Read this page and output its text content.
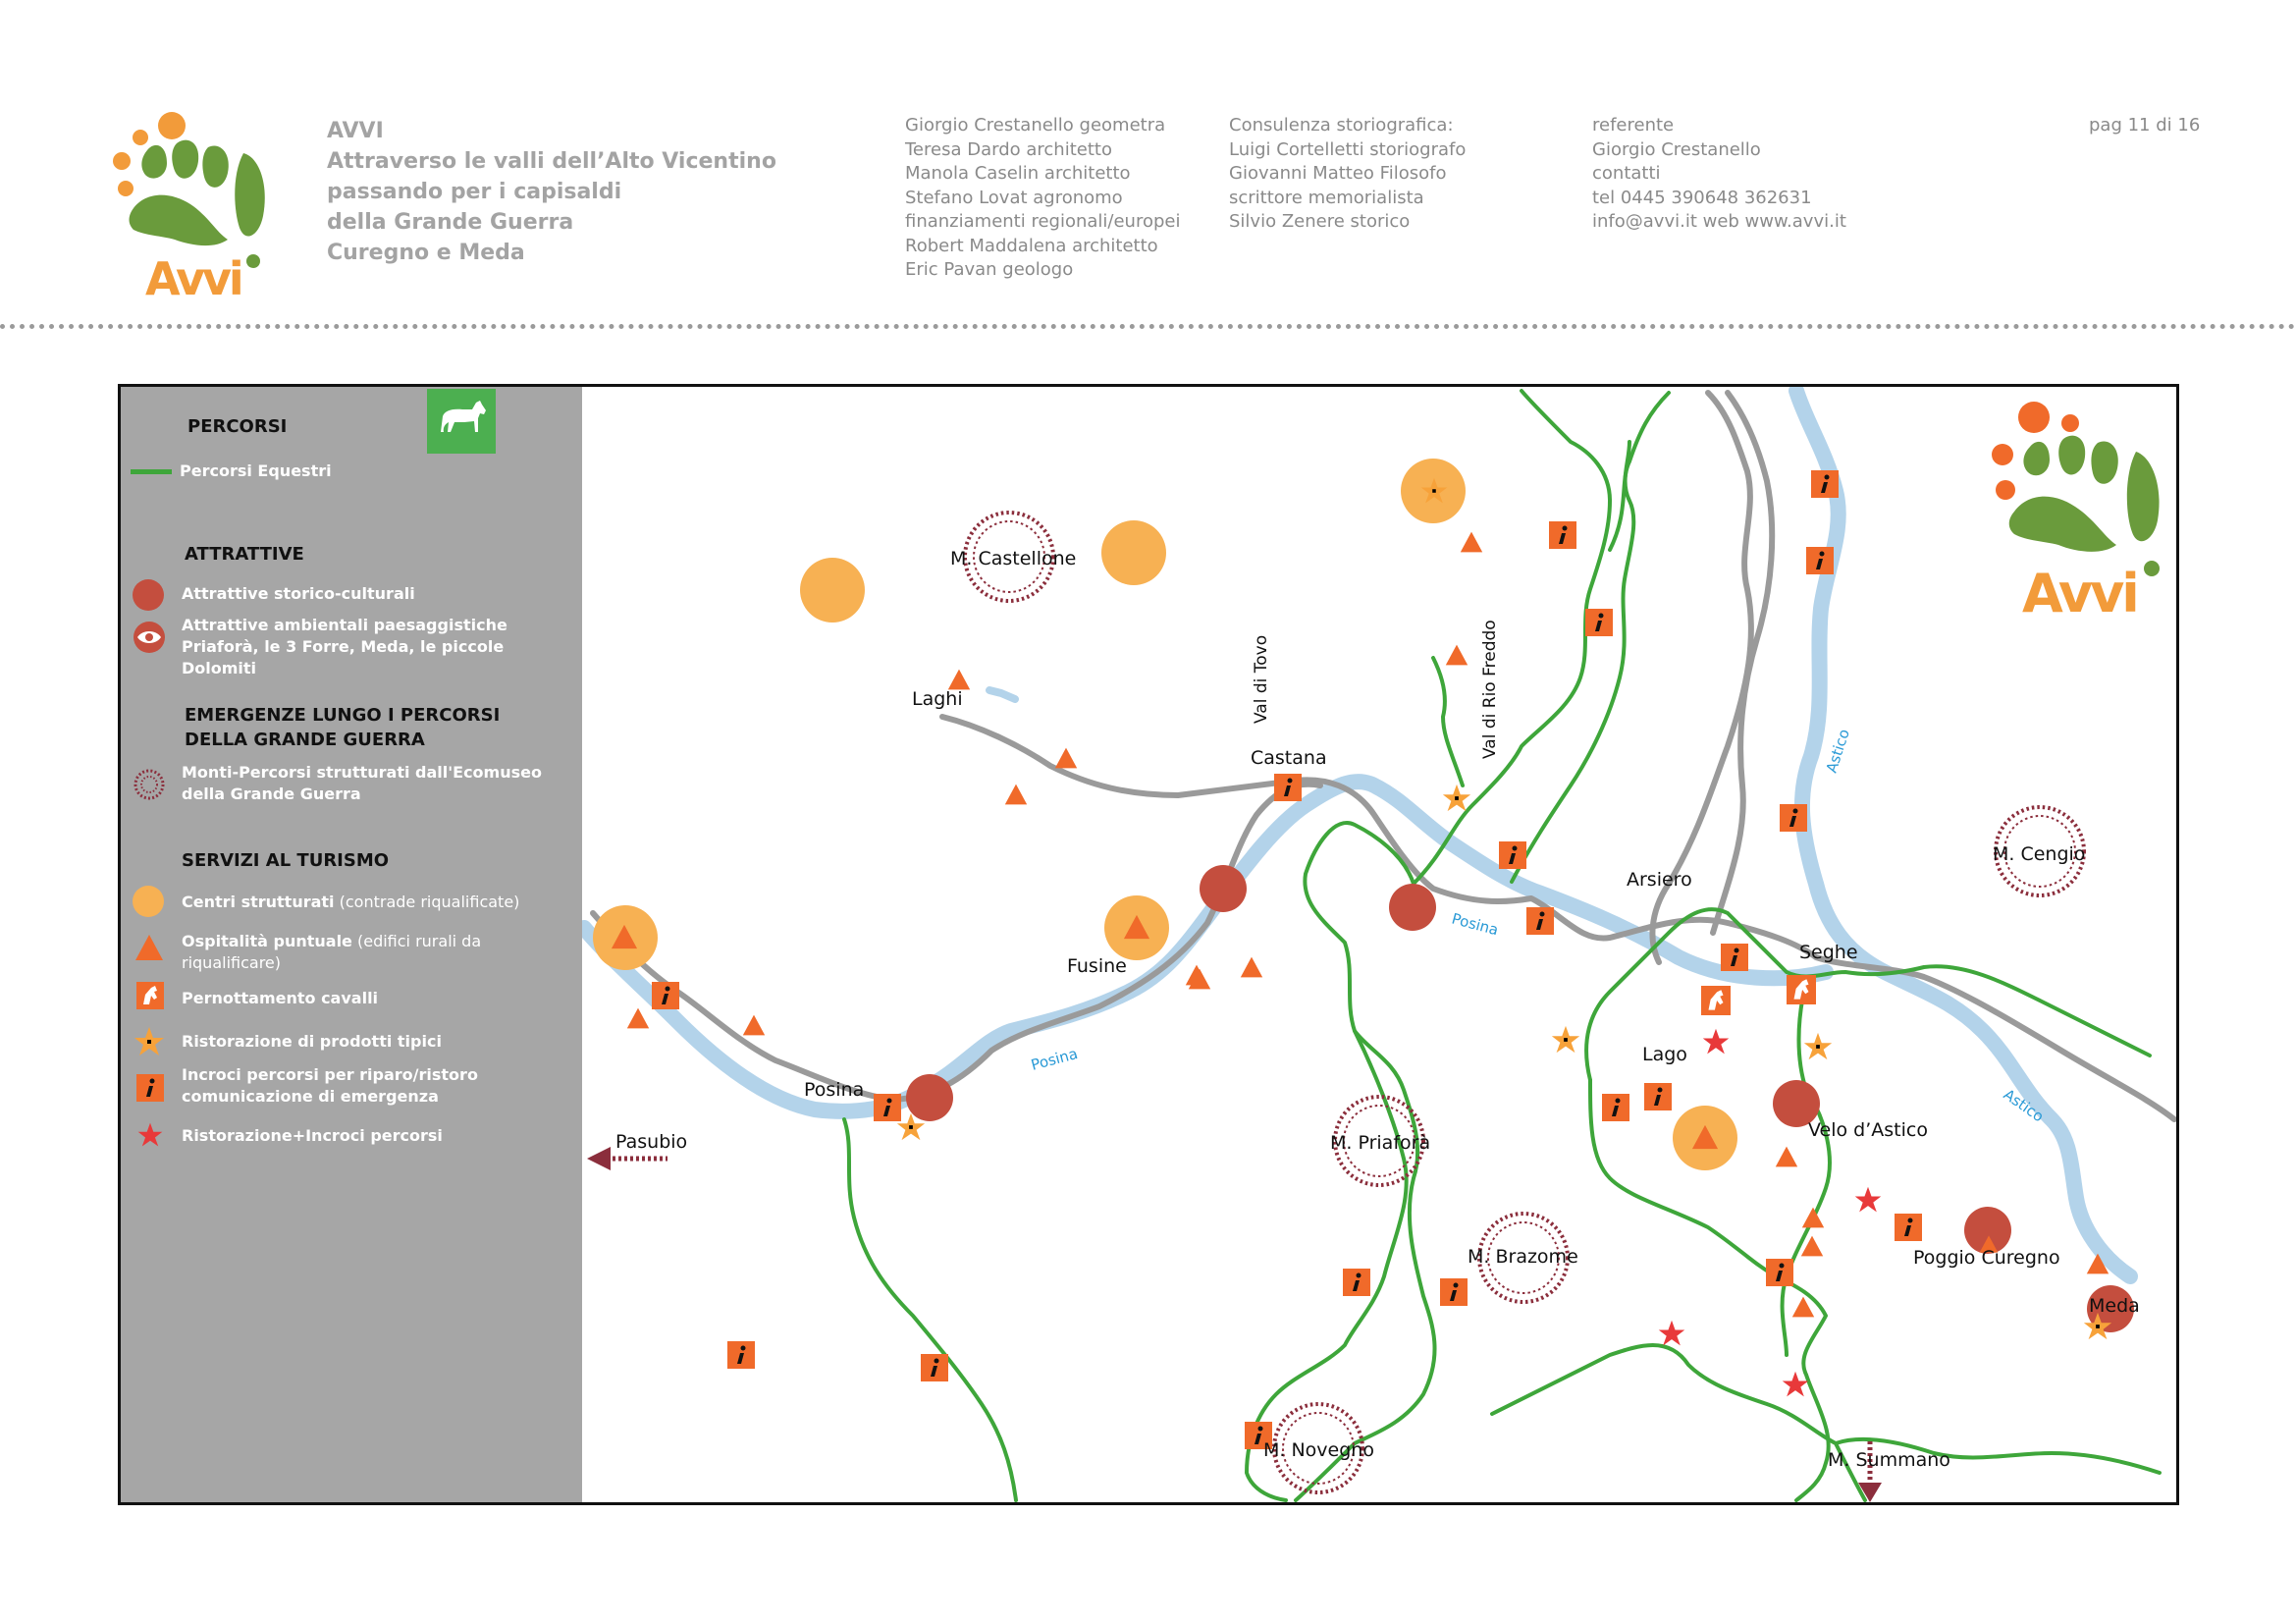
Avvi
AVVI
Attraverso le valli dell’Alto Vicentino
passando per i capisaldi
della Grande Guerra
Curegno e Meda
Giorgio Crestanello geometra
Teresa Dardo architetto
Manola Caselin architetto
Stefano Lovat agronomo
finanziamenti regionali/europei
Robert Maddalena architetto
Eric Pavan geologo
Consulenza storiografica:
Luigi Cortelletti storiografo
Giovanni Matteo Filosofo
scrittore memorialista
Silvio Zenere storico
referente
Giorgio Crestanello
contatti
tel 0445 390648 362631
info@avvi.it web www.avvi.it
pag 11 di 16
PERCORSI
Percorsi Equestri
ATTRATTIVE
Attrattive storico-culturali
Attrattive ambientali paesaggistiche
Priaforà, le 3 Forre, Meda, le piccole Dolomiti
EMERGENZE LUNGO I PERCORSI
DELLA GRANDE GUERRA
Monti-Percorsi strutturati dall'Ecomuseo
della Grande Guerra
SERVIZI AL TURISMO
Centri strutturati (contrade riqualificate)
Ospitalità puntuale (edifici rurali da
riqualificare)
Pernottamento cavalli
Ristorazione di prodotti tipici
Incroci percorsi per riparo/ristoro
comunicazione di emergenza
Ristorazione+Incroci percorsi
Avvi
M. Castellone
Laghi
Castana
Arsiero
Seghe
M. Cengio
Fusine
Posina
Pasubio
Lago
Velo d’Astico
M. Priaforà
M. Brazome	Poggio Curegno
Meda
M. Novegno	M. Summano
Val di Tovo	Val di Rio Freddo
Posina
Posina
Astico
Astico
